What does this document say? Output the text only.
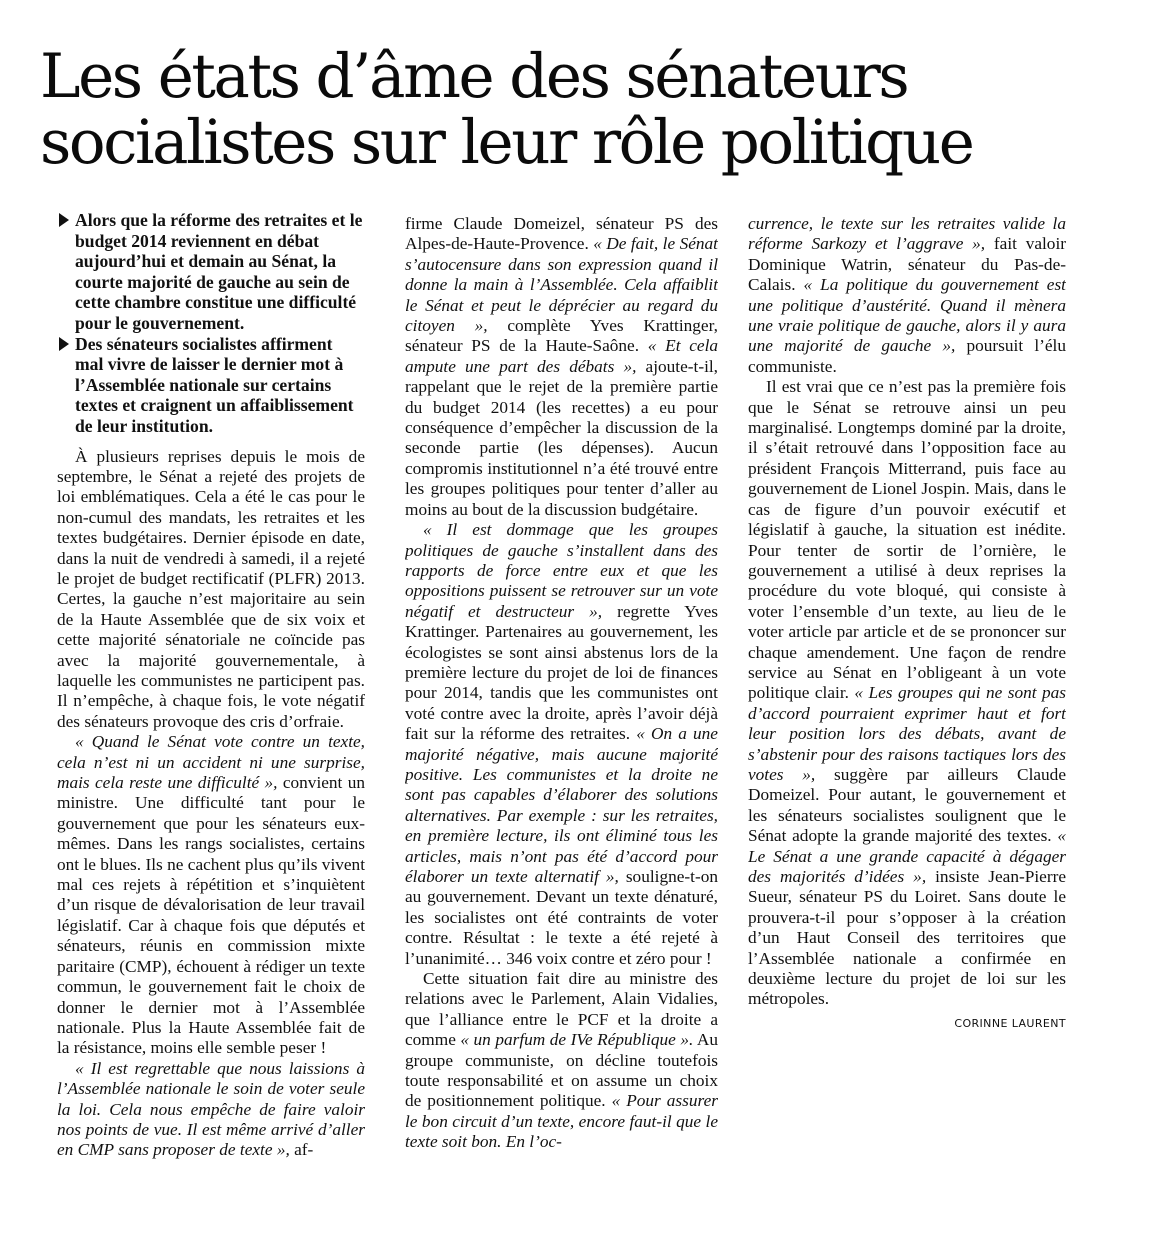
Les états d’âme des sénateurs
socialistes sur leur rôle politique

Alors que la réforme des retraites et le budget 2014 reviennent en débat aujourd’hui et demain au Sénat, la courte majorité de gauche au sein de cette chambre constitue une difficulté pour le gouvernement.

Des sénateurs socialistes affirment mal vivre de laisser le dernier mot à l’Assemblée nationale sur certains textes et craignent un affaiblissement de leur institution.

À plusieurs reprises depuis le mois de septembre, le Sénat a rejeté des projets de loi emblématiques. Cela a été le cas pour le non-cumul des mandats, les retraites et les textes budgétaires. Dernier épisode en date, dans la nuit de vendredi à samedi, il a rejeté le projet de budget rectificatif (PLFR) 2013. Certes, la gauche n’est majoritaire au sein de la Haute Assemblée que de six voix et cette majorité sénatoriale ne coïncide pas avec la majorité gouvernementale, à laquelle les communistes ne participent pas. Il n’empêche, à chaque fois, le vote négatif des sénateurs provoque des cris d’orfraie.

« Quand le Sénat vote contre un texte, cela n’est ni un accident ni une surprise, mais cela reste une difficulté », convient un ministre. Une difficulté tant pour le gouvernement que pour les sénateurs eux-mêmes. Dans les rangs socialistes, certains ont le blues. Ils ne cachent plus qu’ils vivent mal ces rejets à répétition et s’inquiètent d’un risque de dévalorisation de leur travail législatif. Car à chaque fois que députés et sénateurs, réunis en commission mixte paritaire (CMP), échouent à rédiger un texte commun, le gouvernement fait le choix de donner le dernier mot à l’Assemblée nationale. Plus la Haute Assemblée fait de la résistance, moins elle semble peser !

« Il est regrettable que nous laissions à l’Assemblée nationale le soin de voter seule la loi. Cela nous empêche de faire valoir nos points de vue. Il est même arrivé d’aller en CMP sans proposer de texte », af-

firme Claude Domeizel, sénateur PS des Alpes-de-Haute-Provence. « De fait, le Sénat s’autocensure dans son expression quand il donne la main à l’Assemblée. Cela affaiblit le Sénat et peut le déprécier au regard du citoyen », complète Yves Krattinger, sénateur PS de la Haute-Saône. « Et cela ampute une part des débats », ajoute-t-il, rappelant que le rejet de la première partie du budget 2014 (les recettes) a eu pour conséquence d’empêcher la discussion de la seconde partie (les dépenses). Aucun compromis institutionnel n’a été trouvé entre les groupes politiques pour tenter d’aller au moins au bout de la discussion budgétaire.

« Il est dommage que les groupes politiques de gauche s’installent dans des rapports de force entre eux et que les oppositions puissent se retrouver sur un vote négatif et destructeur », regrette Yves Krattinger. Partenaires au gouvernement, les écologistes se sont ainsi abstenus lors de la première lecture du projet de loi de finances pour 2014, tandis que les communistes ont voté contre avec la droite, après l’avoir déjà fait sur la réforme des retraites. « On a une majorité négative, mais aucune majorité positive. Les communistes et la droite ne sont pas capables d’élaborer des solutions alternatives. Par exemple : sur les retraites, en première lecture, ils ont éliminé tous les articles, mais n’ont pas été d’accord pour élaborer un texte alternatif », souligne-t-on au gouvernement. Devant un texte dénaturé, les socialistes ont été contraints de voter contre. Résultat : le texte a été rejeté à l’unanimité… 346 voix contre et zéro pour !

Cette situation fait dire au ministre des relations avec le Parlement, Alain Vidalies, que l’alliance entre le PCF et la droite a comme « un parfum de IVe République ». Au groupe communiste, on décline toutefois toute responsabilité et on assume un choix de positionnement politique. « Pour assurer le bon circuit d’un texte, encore faut-il que le texte soit bon. En l’oc-

currence, le texte sur les retraites valide la réforme Sarkozy et l’aggrave », fait valoir Dominique Watrin, sénateur du Pas-de-Calais. « La politique du gouvernement est une politique d’austérité. Quand il mènera une vraie politique de gauche, alors il y aura une majorité de gauche », poursuit l’élu communiste.

Il est vrai que ce n’est pas la première fois que le Sénat se retrouve ainsi un peu marginalisé. Longtemps dominé par la droite, il s’était retrouvé dans l’opposition face au président François Mitterrand, puis face au gouvernement de Lionel Jospin. Mais, dans le cas de figure d’un pouvoir exécutif et législatif à gauche, la situation est inédite. Pour tenter de sortir de l’ornière, le gouvernement a utilisé à deux reprises la procédure du vote bloqué, qui consiste à voter l’ensemble d’un texte, au lieu de le voter article par article et de se prononcer sur chaque amendement. Une façon de rendre service au Sénat en l’obligeant à un vote politique clair. « Les groupes qui ne sont pas d’accord pourraient exprimer haut et fort leur position lors des débats, avant de s’abstenir pour des raisons tactiques lors des votes », suggère par ailleurs Claude Domeizel. Pour autant, le gouvernement et les sénateurs socialistes soulignent que le Sénat adopte la grande majorité des textes. « Le Sénat a une grande capacité à dégager des majorités d’idées », insiste Jean-Pierre Sueur, sénateur PS du Loiret. Sans doute le prouvera-t-il pour s’opposer à la création d’un Haut Conseil des territoires que l’Assemblée nationale a confirmée en deuxième lecture du projet de loi sur les métropoles.

CORINNE LAURENT
